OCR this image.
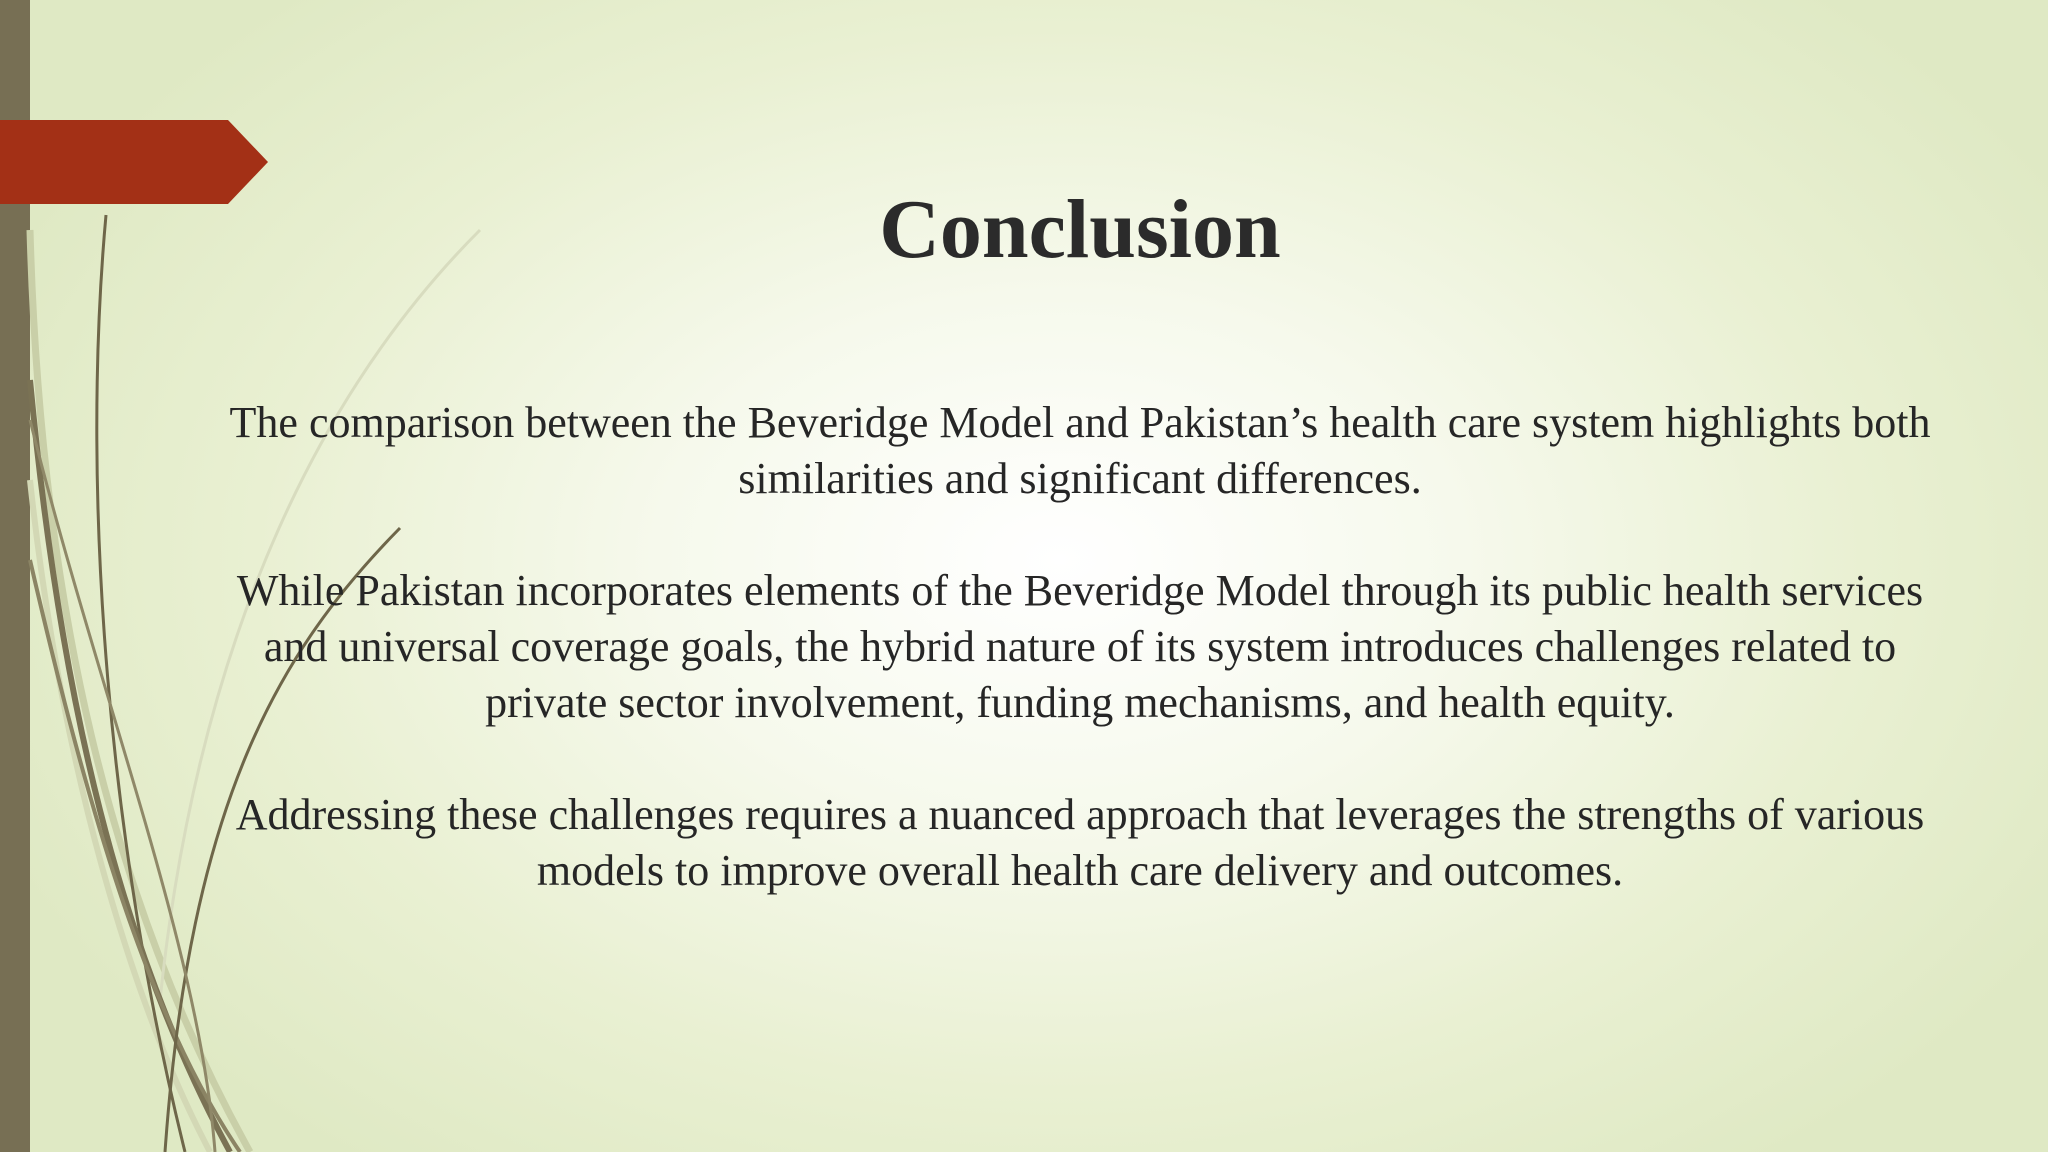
Conclusion

The comparison between the Beveridge Model and Pakistan’s health care system highlights both similarities and significant differences.

While Pakistan incorporates elements of the Beveridge Model through its public health services and universal coverage goals, the hybrid nature of its system introduces challenges related to private sector involvement, funding mechanisms, and health equity.

Addressing these challenges requires a nuanced approach that leverages the strengths of various models to improve overall health care delivery and outcomes.
